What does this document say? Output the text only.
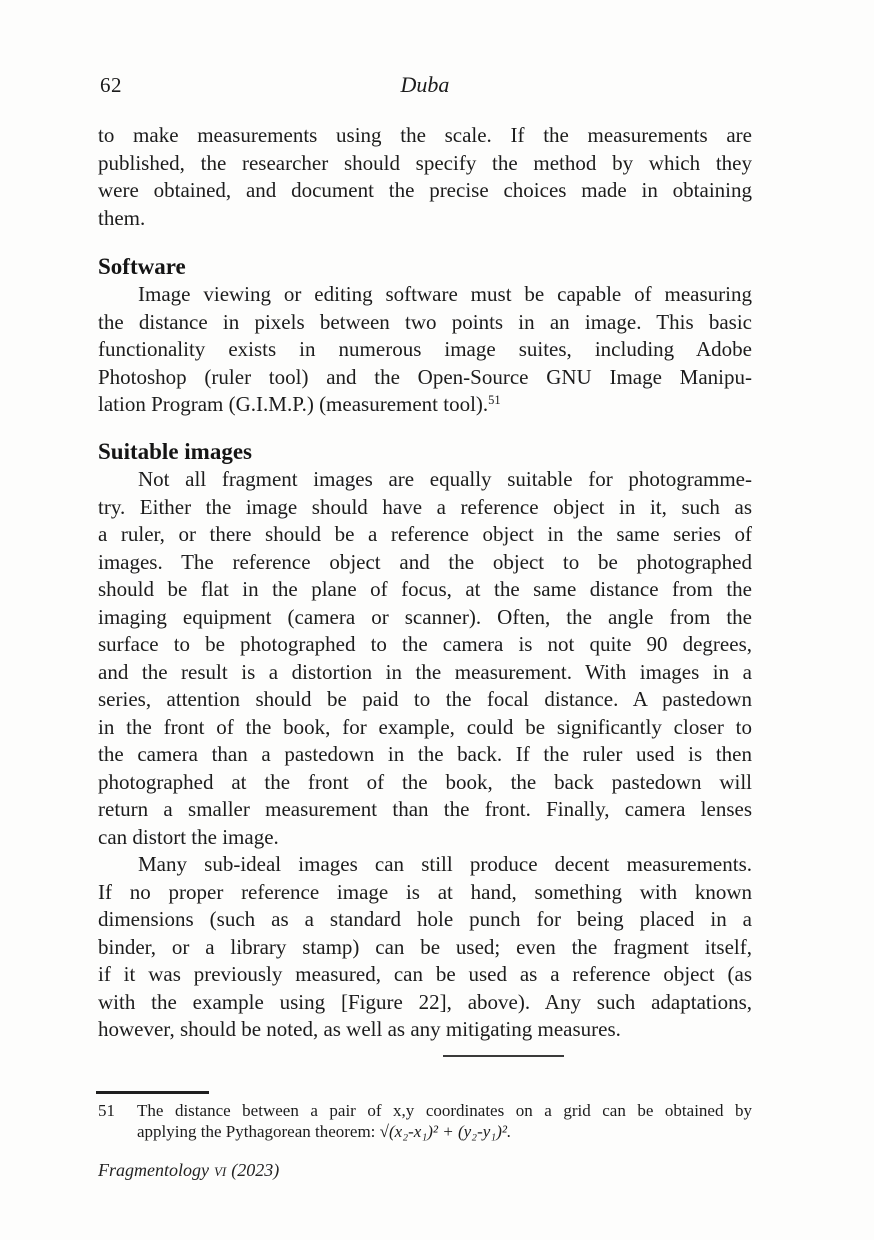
62	Duba
to make measurements using the scale. If the measurements are
published, the researcher should specify the method by which they
were obtained, and document the precise choices made in obtaining
them.
Software
Image viewing or editing software must be capable of measuring
the distance in pixels between two points in an image. This basic
functionality exists in numerous image suites, including Adobe
Photoshop (ruler tool) and the Open-Source GNU Image Manipu-
lation Program (G.I.M.P.) (measurement tool).$^{51}$
Suitable images
Not all fragment images are equally suitable for photogramme-
try. Either the image should have a reference object in it, such as
a ruler, or there should be a reference object in the same series of
images. The reference object and the object to be photographed
should be flat in the plane of focus, at the same distance from the
imaging equipment (camera or scanner). Often, the angle from the
surface to be photographed to the camera is not quite 90 degrees,
and the result is a distortion in the measurement. With images in a
series, attention should be paid to the focal distance. A pastedown
in the front of the book, for example, could be significantly closer to
the camera than a pastedown in the back. If the ruler used is then
photographed at the front of the book, the back pastedown will
return a smaller measurement than the front. Finally, camera lenses
can distort the image.
Many sub-ideal images can still produce decent measurements.
If no proper reference image is at hand, something with known
dimensions (such as a standard hole punch for being placed in a
binder, or a library stamp) can be used; even the fragment itself,
if it was previously measured, can be used as a reference object (as
with the example using [Figure 22], above). Any such adaptations,
however, should be noted, as well as any mitigating measures.
51 The distance between a pair of x,y coordinates on a grid can be obtained by
applying the Pythagorean theorem: √(x₂-x₁)² + (y₂-y₁)².
Fragmentology vi (2023)
